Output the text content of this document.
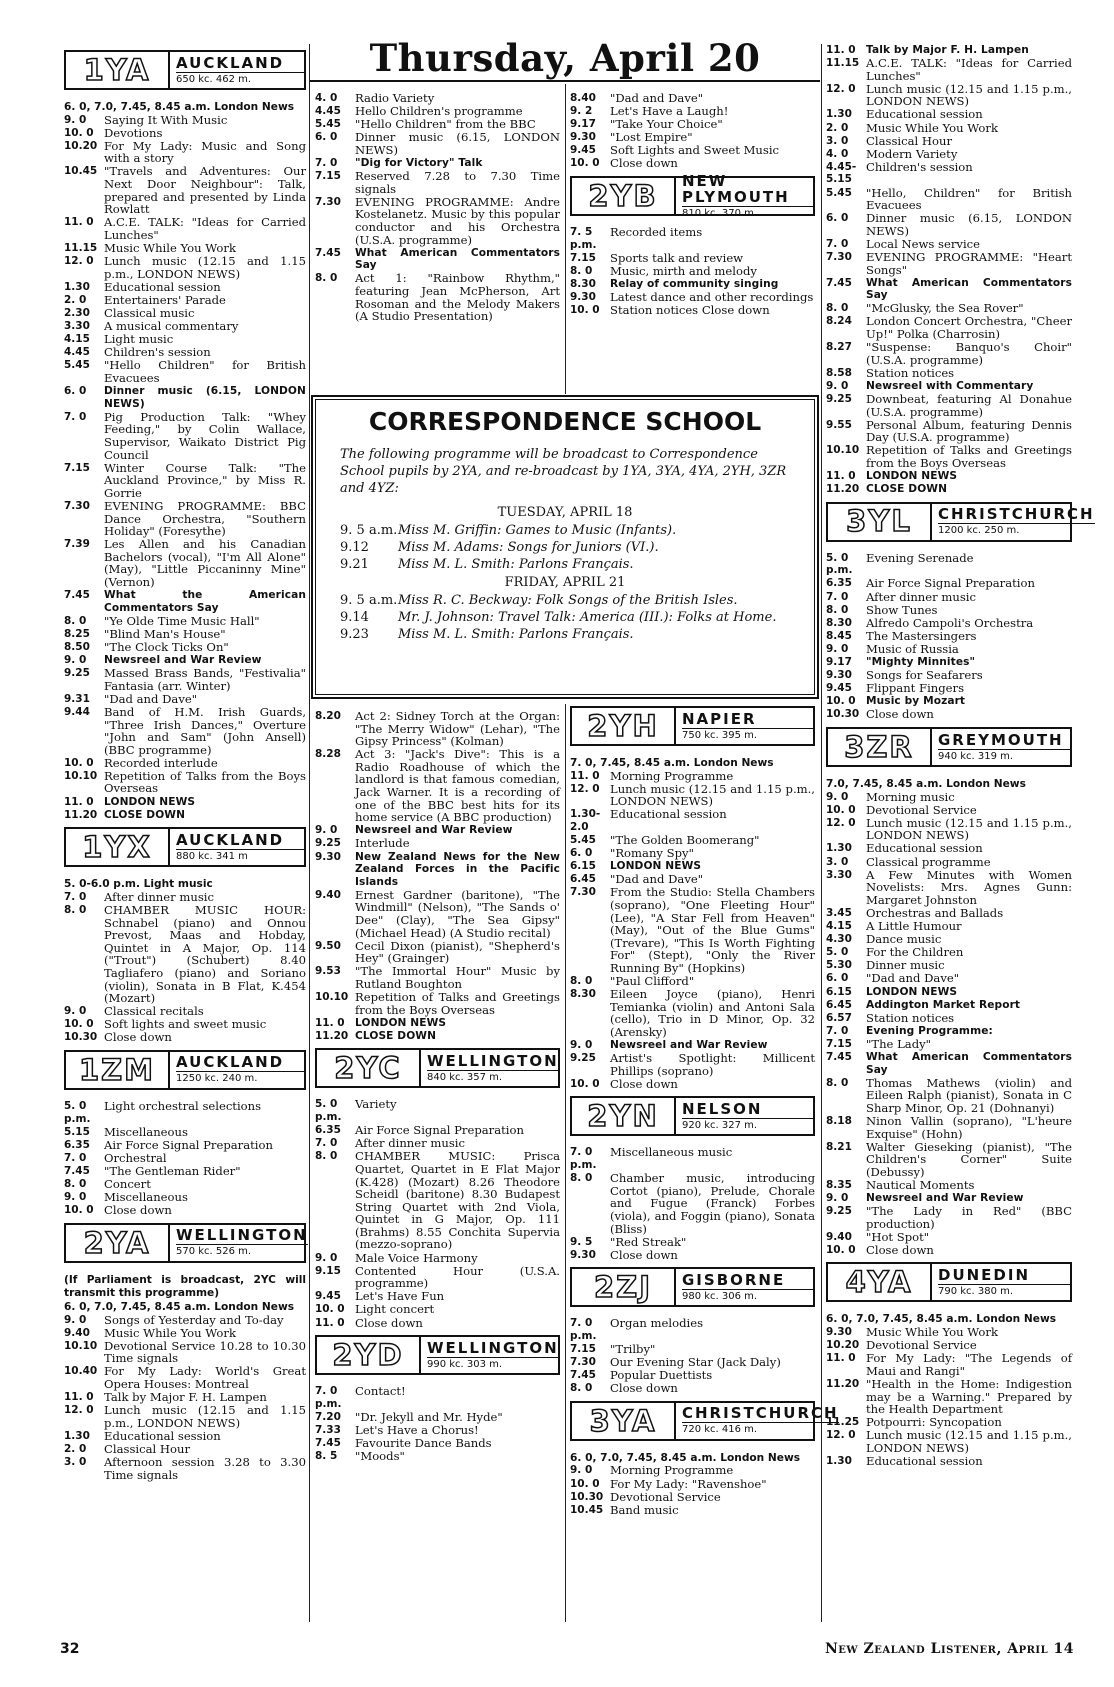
Thursday, April 20
1YA	AUCKLAND
650 kc. 462 m.
6. 0, 7.0, 7.45, 8.45 a.m. London News
9. 0	Saying It With Music
10. 0 Devotions
10.20 For My Lady: Music and Song with a story
10.45 "Travels and Adventures: Our Next Door Neighbour": Talk, prepared and presented by Linda Rowlatt
11. 0 A.C.E. TALK: "Ideas for Carried Lunches"
11.15 Music While You Work
12. 0 Lunch music (12.15 and 1.15 p.m., LONDON NEWS)
1.30	Educational session
2. 0	Entertainers' Parade
2.30	Classical music
3.30	A musical commentary
4.15	Light music
4.45	Children's session
5.45	"Hello Children" for British Evacuees
6. 0	Dinner music (6.15, LONDON NEWS)
7. 0	Pig Production Talk: "Whey Feeding," by Colin Wallace, Supervisor, Waikato District Pig Council
7.15	Winter Course Talk: "The Auckland Province," by Miss R. Gorrie
7.30	EVENING PROGRAMME: BBC Dance Orchestra, "Southern Holiday" (Foresythe)
7.39	Les Allen and his Canadian Bachelors (vocal), "I'm All Alone" (May), "Little Piccaninny Mine" (Vernon)
7.45	What the American Commentators Say
8. 0	"Ye Olde Time Music Hall"
8.25	"Blind Man's House"
8.50	"The Clock Ticks On"
9. 0	Newsreel and War Review
9.25	Massed Brass Bands, "Festivalia" Fantasia (arr. Winter)
9.31	"Dad and Dave"
9.44	Band of H.M. Irish Guards, "Three Irish Dances," Overture "John and Sam" (John Ansell) (BBC programme)
10. 0 Recorded interlude
10.10 Repetition of Talks from the Boys Overseas
11. 0 LONDON NEWS
11.20 CLOSE DOWN
1YX	AUCKLAND
880 kc. 341 m
5. 0-6.0 p.m. Light music
7. 0	After dinner music
8. 0	CHAMBER MUSIC HOUR: Schnabel (piano) and Onnou Prevost, Maas and Hobday, Quintet in A Major, Op. 114 ("Trout") (Schubert) 8.40 Tagliafero (piano) and Soriano (violin), Sonata in B Flat, K.454 (Mozart)
9. 0	Classical recitals
10. 0 Soft lights and sweet music
10.30 Close down
1ZM	AUCKLAND
1250 kc. 240 m.
5. 0 p.m.
Light orchestral selections
5.15	Miscellaneous
6.35	Air Force Signal Preparation
7. 0	Orchestral
7.45	"The Gentleman Rider"
8. 0	Concert
9. 0	Miscellaneous
10. 0 Close down
2YA	WELLINGTON
570 kc. 526 m.
(If Parliament is broadcast, 2YC will transmit this programme)
6. 0, 7.0, 7.45, 8.45 a.m. London News
9. 0	Songs of Yesterday and To-day
9.40	Music While You Work
10.10 Devotional Service 10.28 to 10.30 Time signals
10.40 For My Lady: World's Great Opera Houses: Montreal
11. 0 Talk by Major F. H. Lampen
12. 0 Lunch music (12.15 and 1.15 p.m., LONDON NEWS)
1.30	Educational session
2. 0	Classical Hour
3. 0	Afternoon session 3.28 to 3.30 Time signals
4. 0	Radio Variety
4.45	Hello Children's programme
5.45	"Hello Children" from the BBC
6. 0	Dinner music (6.15, LONDON NEWS)
7. 0	"Dig for Victory" Talk
7.15	Reserved 7.28 to 7.30 Time signals
7.30	EVENING PROGRAMME: Andre Kostelanetz. Music by this popular conductor and his Orchestra (U.S.A. programme)
7.45	What American Commentators Say
8. 0	Act 1: "Rainbow Rhythm," featuring Jean McPherson, Art Rosoman and the Melody Makers (A Studio Presentation)
8.40	"Dad and Dave"
9. 2	Let's Have a Laugh!
9.17	"Take Your Choice"
9.30	"Lost Empire"
9.45	Soft Lights and Sweet Music
10. 0 Close down
2YB	NEW PLYMOUTH
810 kc. 370 m.
7. 5 p.m.
Recorded items
7.15	Sports talk and review
8. 0	Music, mirth and melody
8.30	Relay of community singing
9.30	Latest dance and other recordings
10. 0 Station notices Close down
CORRESPONDENCE SCHOOL
The following programme will be broadcast to Correspondence School pupils by 2YA, and re-broadcast by 1YA, 3YA, 4YA, 2YH, 3ZR and 4YZ:
TUESDAY, APRIL 18
9. 5 a.m. Miss M. Griffin: Games to Music (Infants).
9.12	Miss M. Adams: Songs for Juniors (VI.).
9.21	Miss M. L. Smith: Parlons Français.
FRIDAY, APRIL 21
9. 5 a.m. Miss R. C. Beckway: Folk Songs of the British Isles.
9.14	Mr. J. Johnson: Travel Talk: America (III.): Folks at Home.
9.23	Miss M. L. Smith: Parlons Français.
8.20	Act 2: Sidney Torch at the Organ: "The Merry Widow" (Lehar), "The Gipsy Princess" (Kolman)
8.28	Act 3: "Jack's Dive": This is a Radio Roadhouse of which the landlord is that famous comedian, Jack Warner. It is a recording of one of the BBC best hits for its home service (A BBC production)
9. 0	Newsreel and War Review
9.25	Interlude
9.30	New Zealand News for the New Zealand Forces in the Pacific Islands
9.40	Ernest Gardner (baritone), "The Windmill" (Nelson), "The Sands o' Dee" (Clay), "The Sea Gipsy" (Michael Head) (A Studio recital)
9.50	Cecil Dixon (pianist), "Shepherd's Hey" (Grainger)
9.53	"The Immortal Hour" Music by Rutland Boughton
10.10 Repetition of Talks and Greetings from the Boys Overseas
11. 0 LONDON NEWS
11.20 CLOSE DOWN
2YC	WELLINGTON
840 kc. 357 m.
5. 0 p.m.
Variety
6.35	Air Force Signal Preparation
7. 0	After dinner music
8. 0	CHAMBER MUSIC: Prisca Quartet, Quartet in E Flat Major (K.428) (Mozart) 8.26 Theodore Scheidl (baritone) 8.30 Budapest String Quartet with 2nd Viola, Quintet in G Major, Op. 111 (Brahms) 8.55 Conchita Supervia (mezzo-soprano)
9. 0	Male Voice Harmony
9.15	Contented Hour (U.S.A. programme)
9.45	Let's Have Fun
10. 0 Light concert
11. 0 Close down
2YD	WELLINGTON
990 kc. 303 m.
7. 0 p.m.
Contact!
7.20	"Dr. Jekyll and Mr. Hyde"
7.33	Let's Have a Chorus!
7.45	Favourite Dance Bands
8. 5	"Moods"
2YH	NAPIER
750 kc. 395 m.
7. 0, 7.45, 8.45 a.m. London News
11. 0 Morning Programme
12. 0 Lunch music (12.15 and 1.15 p.m., LONDON NEWS)
1.30-2.0
Educational session
5.45	"The Golden Boomerang"
6. 0	"Romany Spy"
6.15	LONDON NEWS
6.45	"Dad and Dave"
7.30	From the Studio: Stella Chambers (soprano), "One Fleeting Hour" (Lee), "A Star Fell from Heaven" (May), "Out of the Blue Gums" (Trevare), "This Is Worth Fighting For" (Stept), "Only the River Running By" (Hopkins)
8. 0	"Paul Clifford"
8.30	Eileen Joyce (piano), Henri Temianka (violin) and Antoni Sala (cello), Trio in D Minor, Op. 32 (Arensky)
9. 0	Newsreel and War Review
9.25	Artist's Spotlight: Millicent Phillips (soprano)
10. 0 Close down
2YN	NELSON
920 kc. 327 m.
7. 0 p.m.
Miscellaneous music
8. 0	Chamber music, introducing Cortot (piano), Prelude, Chorale and Fugue (Franck) Forbes (viola), and Foggin (piano), Sonata (Bliss)
9. 5	"Red Streak"
9.30	Close down
2ZJ	GISBORNE
980 kc. 306 m.
7. 0 p.m.
Organ melodies
7.15	"Trilby"
7.30	Our Evening Star (Jack Daly)
7.45	Popular Duettists
8. 0	Close down
3YA	CHRISTCHURCH
720 kc. 416 m.
6. 0, 7.0, 7.45, 8.45 a.m. London News
9. 0	Morning Programme
10. 0 For My Lady: "Ravenshoe"
10.30 Devotional Service
10.45 Band music
11. 0 Talk by Major F. H. Lampen
11.15 A.C.E. TALK: "Ideas for Carried Lunches"
12. 0 Lunch music (12.15 and 1.15 p.m., LONDON NEWS)
1.30	Educational session
2. 0	Music While You Work
3. 0	Classical Hour
4. 0	Modern Variety
4.45-5.15
Children's session
5.45	"Hello, Children" for British Evacuees
6. 0	Dinner music (6.15, LONDON NEWS)
7. 0	Local News service
7.30	EVENING PROGRAMME: "Heart Songs"
7.45	What American Commentators Say
8. 0	"McGlusky, the Sea Rover"
8.24	London Concert Orchestra, "Cheer Up!" Polka (Charrosin)
8.27	"Suspense: Banquo's Choir" (U.S.A. programme)
8.58	Station notices
9. 0	Newsreel with Commentary
9.25	Downbeat, featuring Al Donahue (U.S.A. programme)
9.55	Personal Album, featuring Dennis Day (U.S.A. programme)
10.10 Repetition of Talks and Greetings from the Boys Overseas
11. 0 LONDON NEWS
11.20 CLOSE DOWN
3YL	CHRISTCHURCH
1200 kc. 250 m.
5. 0 p.m.
Evening Serenade
6.35	Air Force Signal Preparation
7. 0	After dinner music
8. 0	Show Tunes
8.30	Alfredo Campoli's Orchestra
8.45	The Mastersingers
9. 0	Music of Russia
9.17	"Mighty Minnites"
9.30	Songs for Seafarers
9.45	Flippant Fingers
10. 0 Music by Mozart
10.30 Close down
3ZR	GREYMOUTH
940 kc. 319 m.
7.0, 7.45, 8.45 a.m. London News
9. 0	Morning music
10. 0 Devotional Service
12. 0 Lunch music (12.15 and 1.15 p.m., LONDON NEWS)
1.30	Educational session
3. 0	Classical programme
3.30	A Few Minutes with Women Novelists: Mrs. Agnes Gunn: Margaret Johnston
3.45	Orchestras and Ballads
4.15	A Little Humour
4.30	Dance music
5. 0	For the Children
5.30	Dinner music
6. 0	"Dad and Dave"
6.15	LONDON NEWS
6.45	Addington Market Report
6.57	Station notices
7. 0	Evening Programme:
7.15	"The Lady"
7.45	What American Commentators Say
8. 0	Thomas Mathews (violin) and Eileen Ralph (pianist), Sonata in C Sharp Minor, Op. 21 (Dohnanyi)
8.18	Ninon Vallin (soprano), "L'heure Exquise" (Hohn)
8.21	Walter Gieseking (pianist), "The Children's Corner" Suite (Debussy)
8.35	Nautical Moments
9. 0	Newsreel and War Review
9.25	"The Lady in Red" (BBC production)
9.40	"Hot Spot"
10. 0 Close down
4YA	DUNEDIN
790 kc. 380 m.
6. 0, 7.0, 7.45, 8.45 a.m. London News
9.30	Music While You Work
10.20 Devotional Service
11. 0 For My Lady: "The Legends of Maui and Rangi"
11.20 "Health in the Home: Indigestion may be a Warning." Prepared by the Health Department
11.25 Potpourri: Syncopation
12. 0 Lunch music (12.15 and 1.15 p.m., LONDON NEWS)
1.30	Educational session
32	New Zealand Listener, April 14
